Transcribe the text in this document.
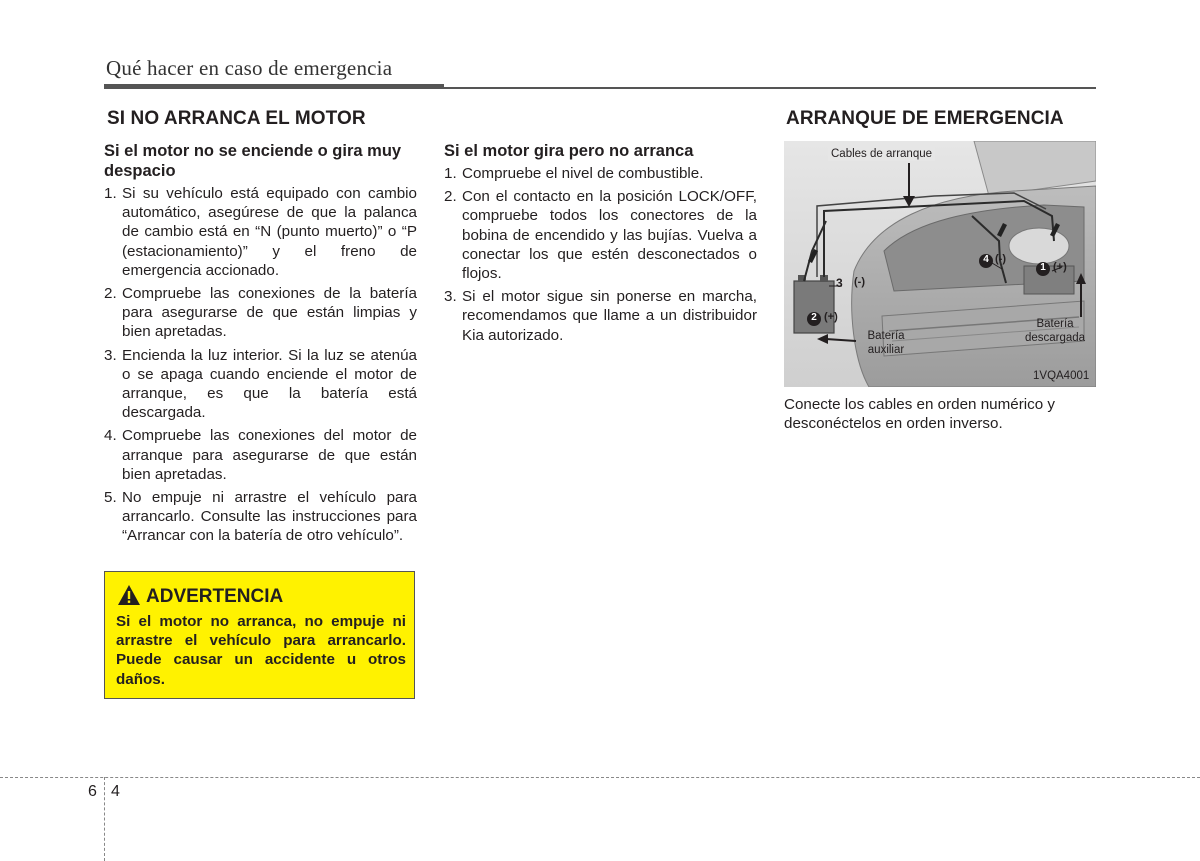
Qué hacer en caso de emergencia
SI NO ARRANCA EL MOTOR
Si el motor no se enciende o gira muy despacio
1. Si su vehículo está equipado con cambio automático, asegúrese de que la palanca de cambio está en “N (punto muerto)” o “P (estacionamiento)” y el freno de emergencia accionado.
2. Compruebe las conexiones de la batería para asegurarse de que están limpias y bien apretadas.
3. Encienda la luz interior. Si la luz se atenúa o se apaga cuando enciende el motor de arranque, es que la batería está descargada.
4. Compruebe las conexiones del motor de arranque para asegurarse de que están bien apretadas.
5. No empuje ni arrastre el vehículo para arrancarlo. Consulte las instrucciones para “Arrancar con la batería de otro vehículo”.
ADVERTENCIA
Si el motor no arranca, no empuje ni arrastre el vehículo para arrancarlo. Puede causar un accidente u otros daños.
Si el motor gira pero no arranca
1. Compruebe el nivel de combustible.
2. Con el contacto en la posición LOCK/OFF, compruebe todos los conectores de la bobina de encendido y las bujías. Vuelva a conectar los que estén desconectados o flojos.
3. Si el motor sigue sin ponerse en marcha, recomendamos que llame a un distribuidor Kia autorizado.
ARRANQUE DE EMERGENCIA
Cables de arranque
Batería auxiliar
Batería descargada
4 (-)
1 (+)
3 (-)
2 (+)
1VQA4001
Conecte los cables en orden numérico y desconéctelos en orden inverso.
6 4
